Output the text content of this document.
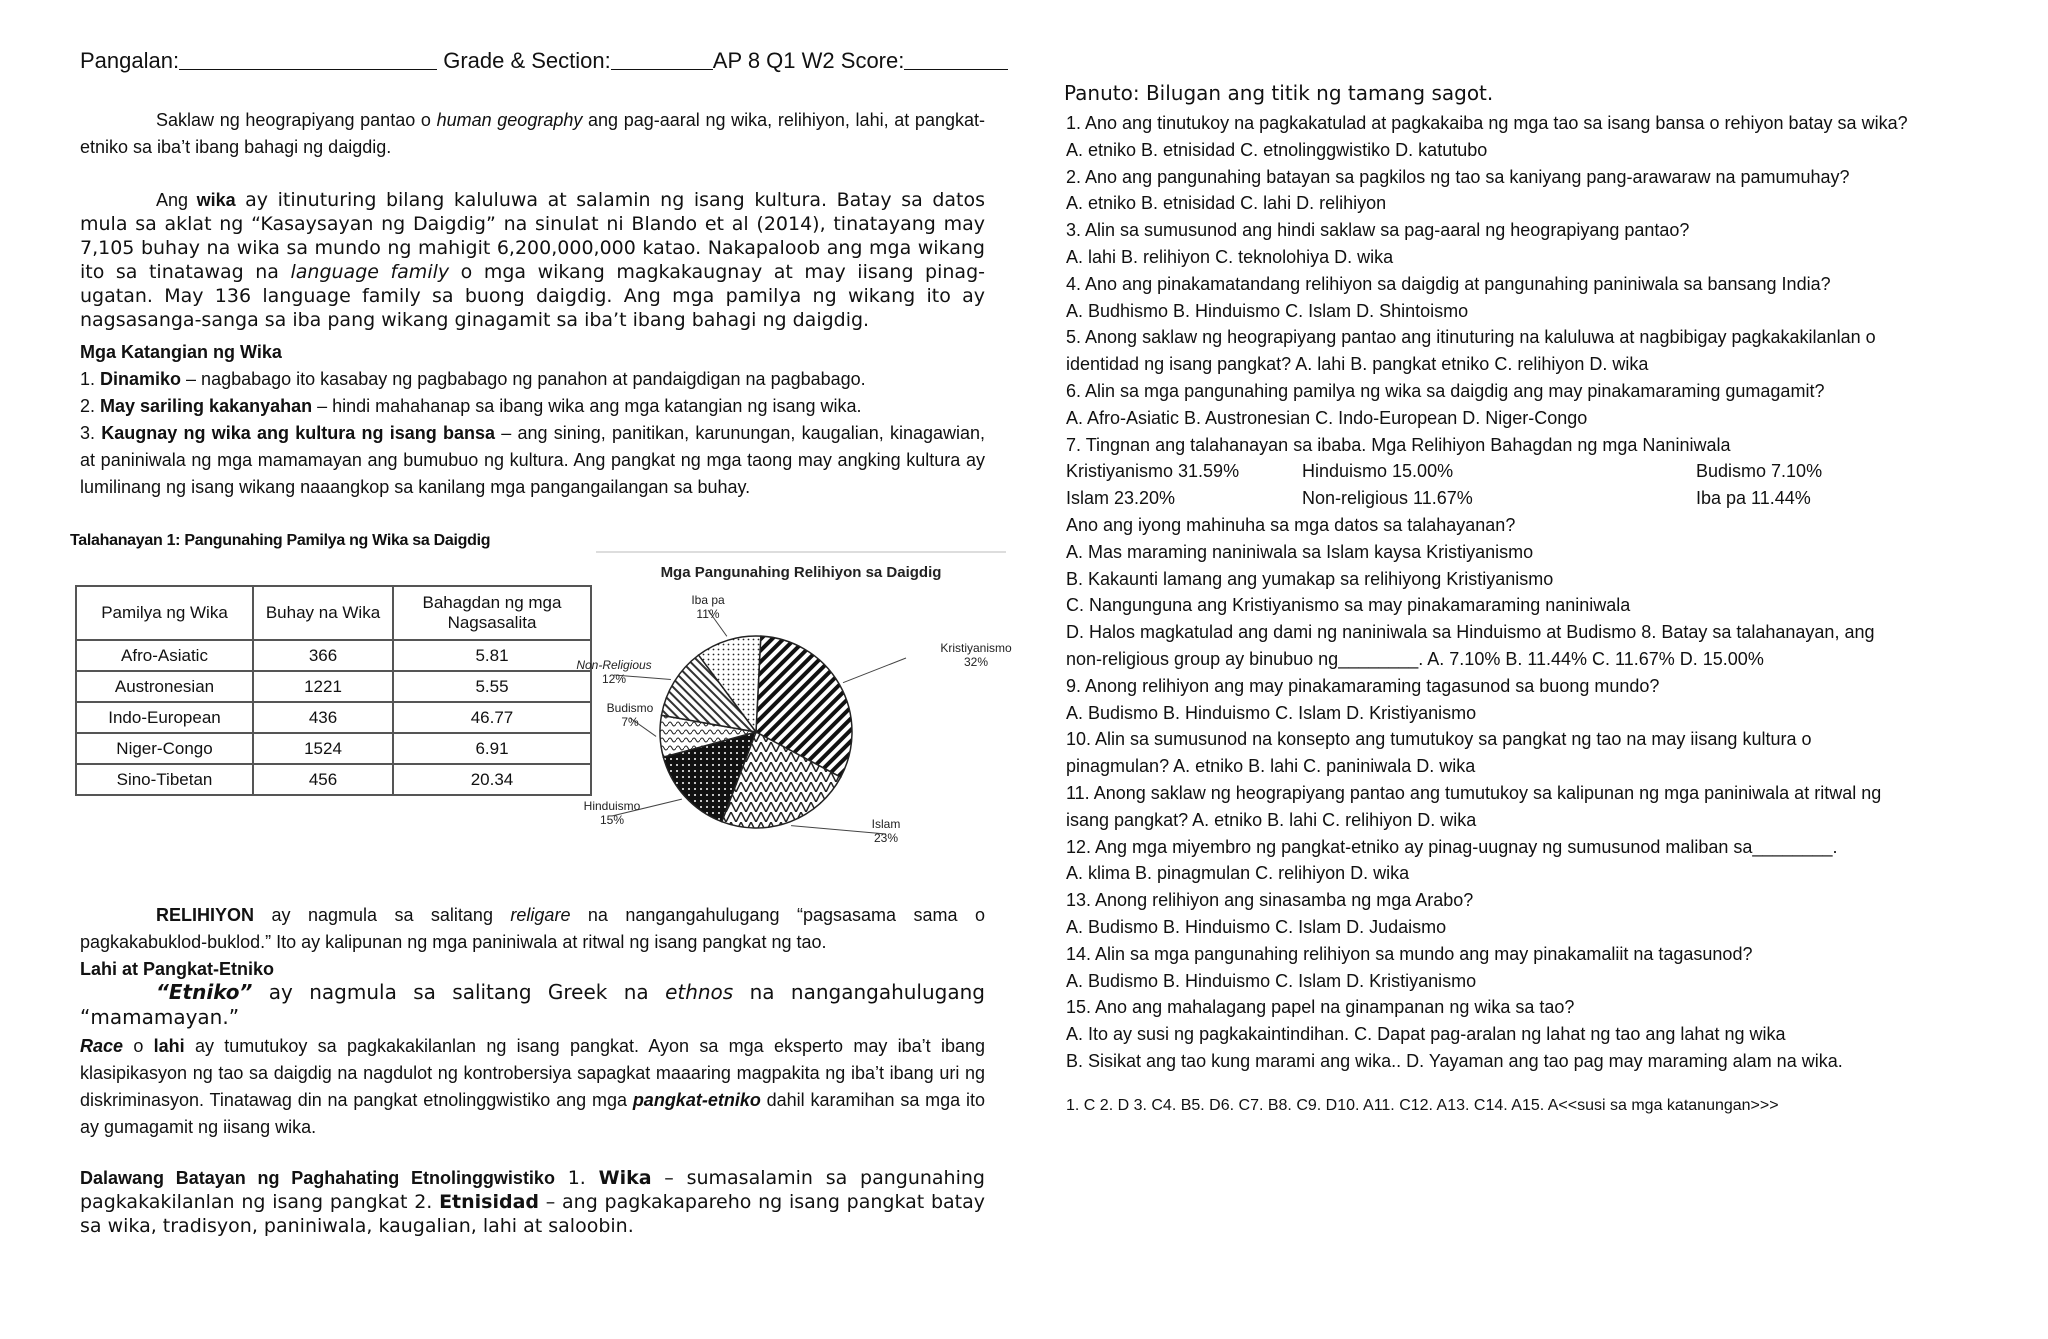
Pangalan:	Grade & Section:	AP 8 Q1 W2 Score:
Saklaw ng heograpiyang pantao o human geography ang pag-aaral ng wika, relihiyon, lahi, at pangkat-etniko sa iba’t ibang bahagi ng daigdig.
Ang wika ay itinuturing bilang kaluluwa at salamin ng isang kultura. Batay sa datos mula sa aklat ng “Kasaysayan ng Daigdig” na sinulat ni Blando et al (2014), tinatayang may 7,105 buhay na wika sa mundo ng mahigit 6,200,000,000 katao. Nakapaloob ang mga wikang ito sa tinatawag na language family o mga wikang magkakaugnay at may iisang pinag-ugatan. May 136 language family sa buong daigdig. Ang mga pamilya ng wikang ito ay nagsasanga-sanga sa iba pang wikang ginagamit sa iba’t ibang bahagi ng daigdig.

Mga Katangian ng Wika

1. Dinamiko – nagbabago ito kasabay ng pagbabago ng panahon at pandaigdigan na pagbabago.

2. May sariling kakanyahan – hindi mahahanap sa ibang wika ang mga katangian ng isang wika.

3. Kaugnay ng wika ang kultura ng isang bansa – ang sining, panitikan, karunungan, kaugalian, kinagawian, at paniniwala ng mga mamamayan ang bumubuo ng kultura. Ang pangkat ng mga taong may angking kultura ay lumilinang ng isang wikang naaangkop sa kanilang mga pangangailangan sa buhay.

Talahanayan 1: Pangunahing Pamilya ng Wika sa Daigdig
Pamilya ng Wika	Buhay na Wika	Bahagdan ng mga Nagsasalita
Afro-Asiatic	366	5.81
Austronesian	1221	5.55
Indo-European	436	46.77
Niger-Congo	1524	6.91
Sino-Tibetan	456	20.34
Mga Pangunahing Relihiyon sa Daigdig
Kristiyanismo
32%
Islam
23%
Hinduismo
15%
Budismo
7%
Non-Religious
12%
Iba pa
11%

RELIHIYON ay nagmula sa salitang religare na nangangahulugang “pagsasama sama o pagkakabuklod-buklod.” Ito ay kalipunan ng mga paniniwala at ritwal ng isang pangkat ng tao.

Lahi at Pangkat-Etniko

“Etniko” ay nagmula sa salitang Greek na ethnos na nangangahulugang “mamamayan.”
Race o lahi ay tumutukoy sa pagkakakilanlan ng isang pangkat. Ayon sa mga eksperto may iba’t ibang klasipikasyon ng tao sa daigdig na nagdulot ng kontrobersiya sapagkat maaaring magpakita ng iba’t ibang uri ng diskriminasyon. Tinatawag din na pangkat etnolinggwistiko ang mga pangkat-etniko dahil karamihan sa mga ito ay gumagamit ng iisang wika.
Dalawang Batayan ng Paghahating Etnolinggwistiko 1. Wika – sumasalamin sa pangunahing pagkakakilanlan ng isang pangkat 2. Etnisidad – ang pagkakapareho ng isang pangkat batay sa wika, tradisyon, paniniwala, kaugalian, lahi at saloobin.
Panuto: Bilugan ang titik ng tamang sagot.
1. Ano ang tinutukoy na pagkakatulad at pagkakaiba ng mga tao sa isang bansa o rehiyon batay sa wika?
A. etniko B. etnisidad C. etnolinggwistiko D. katutubo
2. Ano ang pangunahing batayan sa pagkilos ng tao sa kaniyang pang-arawaraw na pamumuhay?
A. etniko B. etnisidad C. lahi D. relihiyon
3. Alin sa sumusunod ang hindi saklaw sa pag-aaral ng heograpiyang pantao?
A. lahi B. relihiyon C. teknolohiya D. wika
4. Ano ang pinakamatandang relihiyon sa daigdig at pangunahing paniniwala sa bansang India?
A. Budhismo B. Hinduismo C. Islam D. Shintoismo
5. Anong saklaw ng heograpiyang pantao ang itinuturing na kaluluwa at nagbibigay pagkakakilanlan o
identidad ng isang pangkat? A. lahi B. pangkat etniko C. relihiyon D. wika
6. Alin sa mga pangunahing pamilya ng wika sa daigdig ang may pinakamaraming gumagamit?
A. Afro-Asiatic B. Austronesian C. Indo-European D. Niger-Congo
7. Tingnan ang talahanayan sa ibaba. Mga Relihiyon Bahagdan ng mga Naniniwala
Kristiyanismo 31.59%	Hinduismo 15.00%	Budismo 7.10%
Islam 23.20%	Non-religious 11.67%	Iba pa 11.44%
Ano ang iyong mahinuha sa mga datos sa talahayanan?
A. Mas maraming naniniwala sa Islam kaysa Kristiyanismo
B. Kakaunti lamang ang yumakap sa relihiyong Kristiyanismo
C. Nangunguna ang Kristiyanismo sa may pinakamaraming naniniwala
D. Halos magkatulad ang dami ng naniniwala sa Hinduismo at Budismo 8. Batay sa talahanayan, ang
non-religious group ay binubuo ng________. A. 7.10% B. 11.44% C. 11.67% D. 15.00%
9. Anong relihiyon ang may pinakamaraming tagasunod sa buong mundo?
A. Budismo B. Hinduismo C. Islam D. Kristiyanismo
10. Alin sa sumusunod na konsepto ang tumutukoy sa pangkat ng tao na may iisang kultura o
pinagmulan? A. etniko B. lahi C. paniniwala D. wika
11. Anong saklaw ng heograpiyang pantao ang tumutukoy sa kalipunan ng mga paniniwala at ritwal ng
isang pangkat? A. etniko B. lahi C. relihiyon D. wika
12. Ang mga miyembro ng pangkat-etniko ay pinag-uugnay ng sumusunod maliban sa________.
A. klima B. pinagmulan C. relihiyon D. wika
13. Anong relihiyon ang sinasamba ng mga Arabo?
A. Budismo B. Hinduismo C. Islam D. Judaismo
14. Alin sa mga pangunahing relihiyon sa mundo ang may pinakamaliit na tagasunod?
A. Budismo B. Hinduismo C. Islam D. Kristiyanismo
15. Ano ang mahalagang papel na ginampanan ng wika sa tao?
A. Ito ay susi ng pagkakaintindihan. C. Dapat pag-aralan ng lahat ng tao ang lahat ng wika
B. Sisikat ang tao kung marami ang wika.. D. Yayaman ang tao pag may maraming alam na wika.
1. C 2. D 3. C4. B5. D6. C7. B8. C9. D10. A11. C12. A13. C14. A15. A<<susi sa mga katanungan>>>
